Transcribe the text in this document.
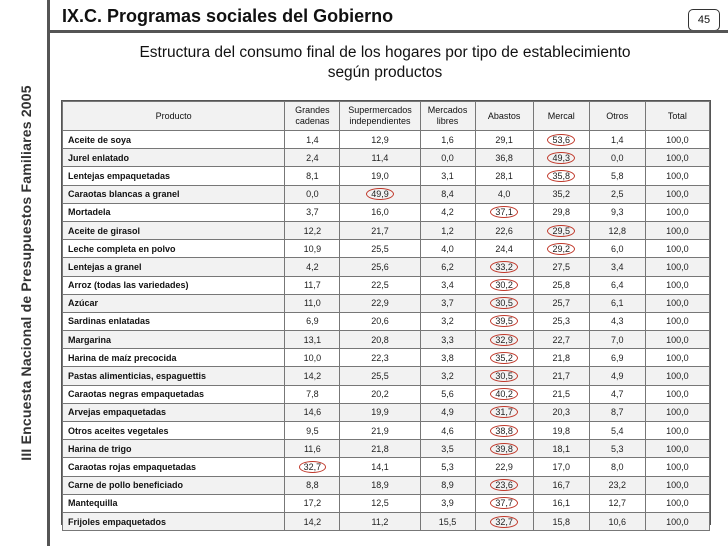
III Encuesta Nacional de Presupuestos Familiares 2005
IX.C. Programas sociales del Gobierno	45
Estructura del consumo final de los hogares por tipo de establecimiento
según productos
Producto	Grandes cadenas	Supermercados independientes	Mercados libres	Abastos	Mercal	Otros	Total
Aceite de soya	1,4	12,9	1,6	29,1	53,6	1,4	100,0
Jurel enlatado	2,4	11,4	0,0	36,8	49,3	0,0	100,0
Lentejas empaquetadas	8,1	19,0	3,1	28,1	35,8	5,8	100,0
Caraotas blancas a granel	0,0	49,9	8,4	4,0	35,2	2,5	100,0
Mortadela	3,7	16,0	4,2	37,1	29,8	9,3	100,0
Aceite de girasol	12,2	21,7	1,2	22,6	29,5	12,8	100,0
Leche completa en polvo	10,9	25,5	4,0	24,4	29,2	6,0	100,0
Lentejas a granel	4,2	25,6	6,2	33,2	27,5	3,4	100,0
Arroz (todas las variedades)	11,7	22,5	3,4	30,2	25,8	6,4	100,0
Azúcar	11,0	22,9	3,7	30,5	25,7	6,1	100,0
Sardinas enlatadas	6,9	20,6	3,2	39,5	25,3	4,3	100,0
Margarina	13,1	20,8	3,3	32,9	22,7	7,0	100,0
Harina de maíz precocida	10,0	22,3	3,8	35,2	21,8	6,9	100,0
Pastas alimenticias, espaguettis	14,2	25,5	3,2	30,5	21,7	4,9	100,0
Caraotas negras empaquetadas	7,8	20,2	5,6	40,2	21,5	4,7	100,0
Arvejas empaquetadas	14,6	19,9	4,9	31,7	20,3	8,7	100,0
Otros aceites vegetales	9,5	21,9	4,6	38,8	19,8	5,4	100,0
Harina de trigo	11,6	21,8	3,5	39,8	18,1	5,3	100,0
Caraotas rojas empaquetadas	32,7	14,1	5,3	22,9	17,0	8,0	100,0
Carne de pollo beneficiado	8,8	18,9	8,9	23,6	16,7	23,2	100,0
Mantequilla	17,2	12,5	3,9	37,7	16,1	12,7	100,0
Frijoles empaquetados	14,2	11,2	15,5	32,7	15,8	10,6	100,0
